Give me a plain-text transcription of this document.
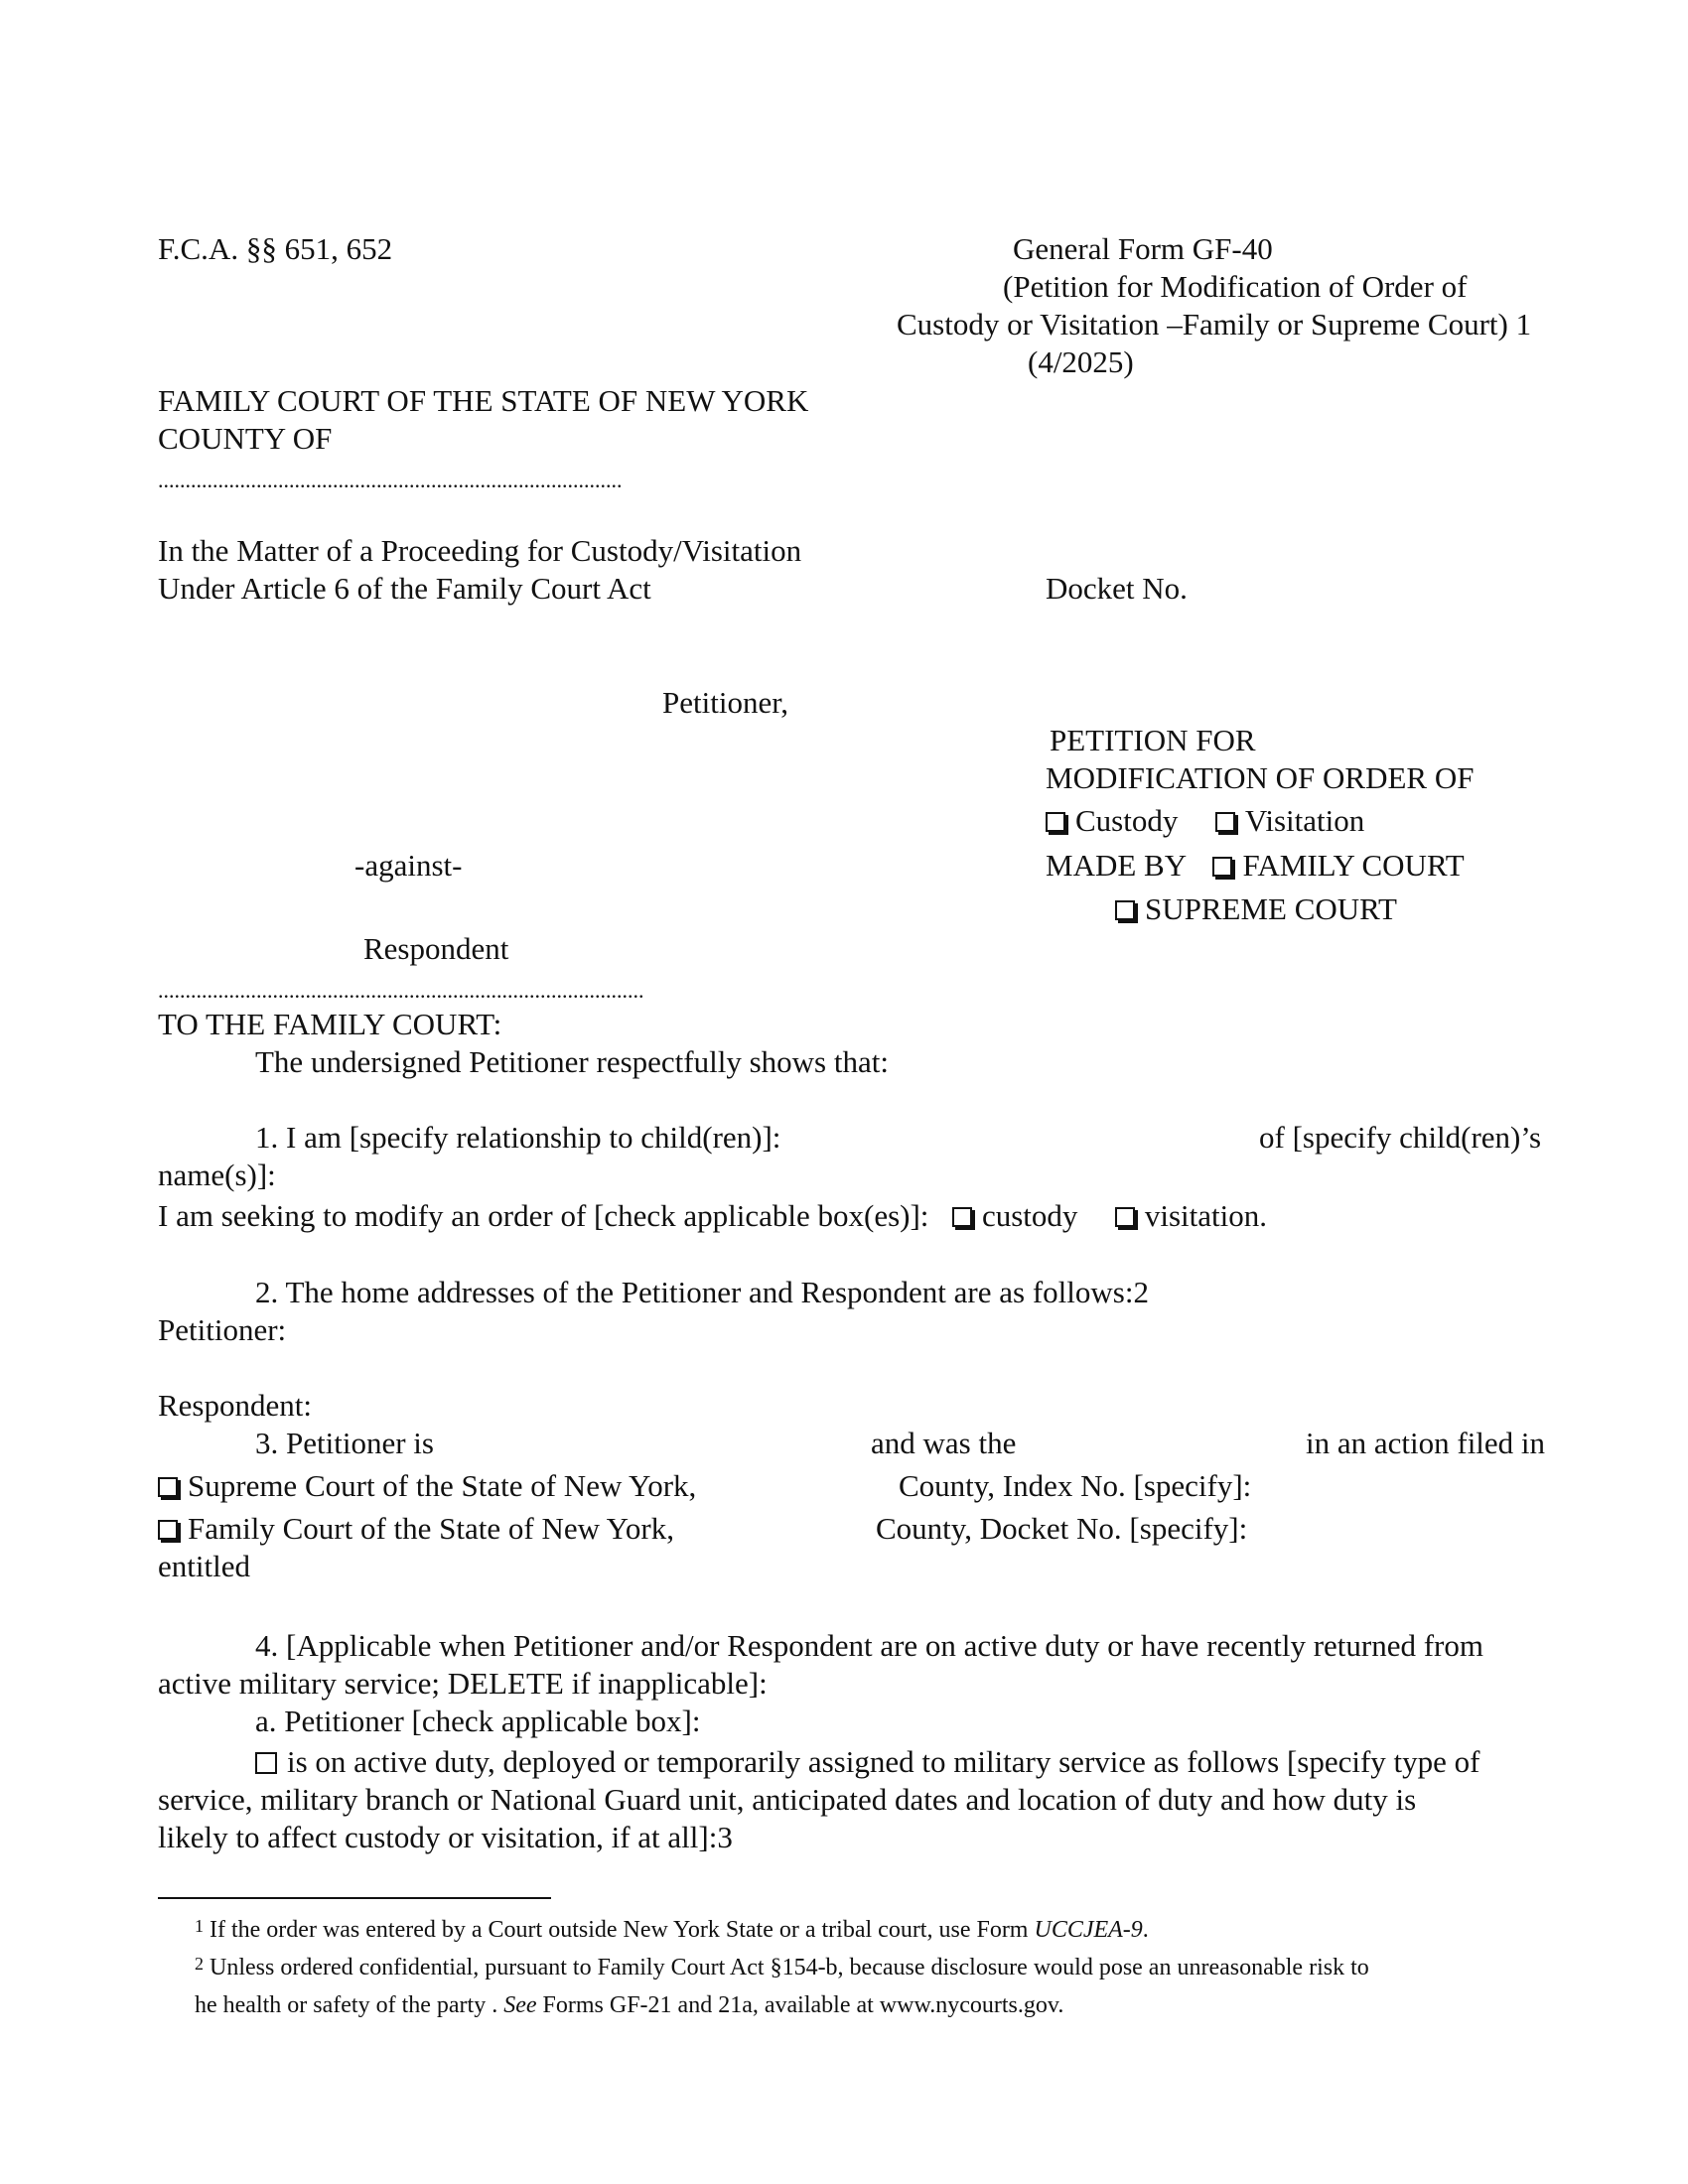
F.C.A. §§ 651, 652	General Form GF-40
(Petition for Modification of Order of
Custody or Visitation –Family or Supreme Court) 1
(4/2025)
FAMILY COURT OF THE STATE OF NEW YORK
COUNTY OF
.....................................................................................
In the Matter of a Proceeding for Custody/Visitation
Under Article 6 of the Family Court Act	Docket No.
Petitioner,
PETITION FOR
MODIFICATION OF ORDER OF
Custody Visitation
-against-	MADE BY FAMILY COURT
SUPREME COURT
Respondent
.........................................................................................
TO THE FAMILY COURT:
The undersigned Petitioner respectfully shows that:
1. I am [specify relationship to child(ren)]:	of [specify child(ren)’s
name(s)]:
I am seeking to modify an order of [check applicable box(es)]: custody visitation.
2. The home addresses of the Petitioner and Respondent are as follows:2
Petitioner:
Respondent:
3. Petitioner is	and was the	in an action filed in
Supreme Court of the State of New York,	County, Index No. [specify]:
Family Court of the State of New York,	County, Docket No. [specify]:
entitled
4. [Applicable when Petitioner and/or Respondent are on active duty or have recently returned from
active military service; DELETE if inapplicable]:
a. Petitioner [check applicable box]:
is on active duty, deployed or temporarily assigned to military service as follows [specify type of
service, military branch or National Guard unit, anticipated dates and location of duty and how duty is
likely to affect custody or visitation, if at all]:3
$^1$ If the order was entered by a Court outside New York State or a tribal court, use Form UCCJEA-9.
$^2$ Unless ordered confidential, pursuant to Family Court Act §154-b, because disclosure would pose an unreasonable risk to
he health or safety of the party . See Forms GF-21 and 21a, available at www.nycourts.gov.
